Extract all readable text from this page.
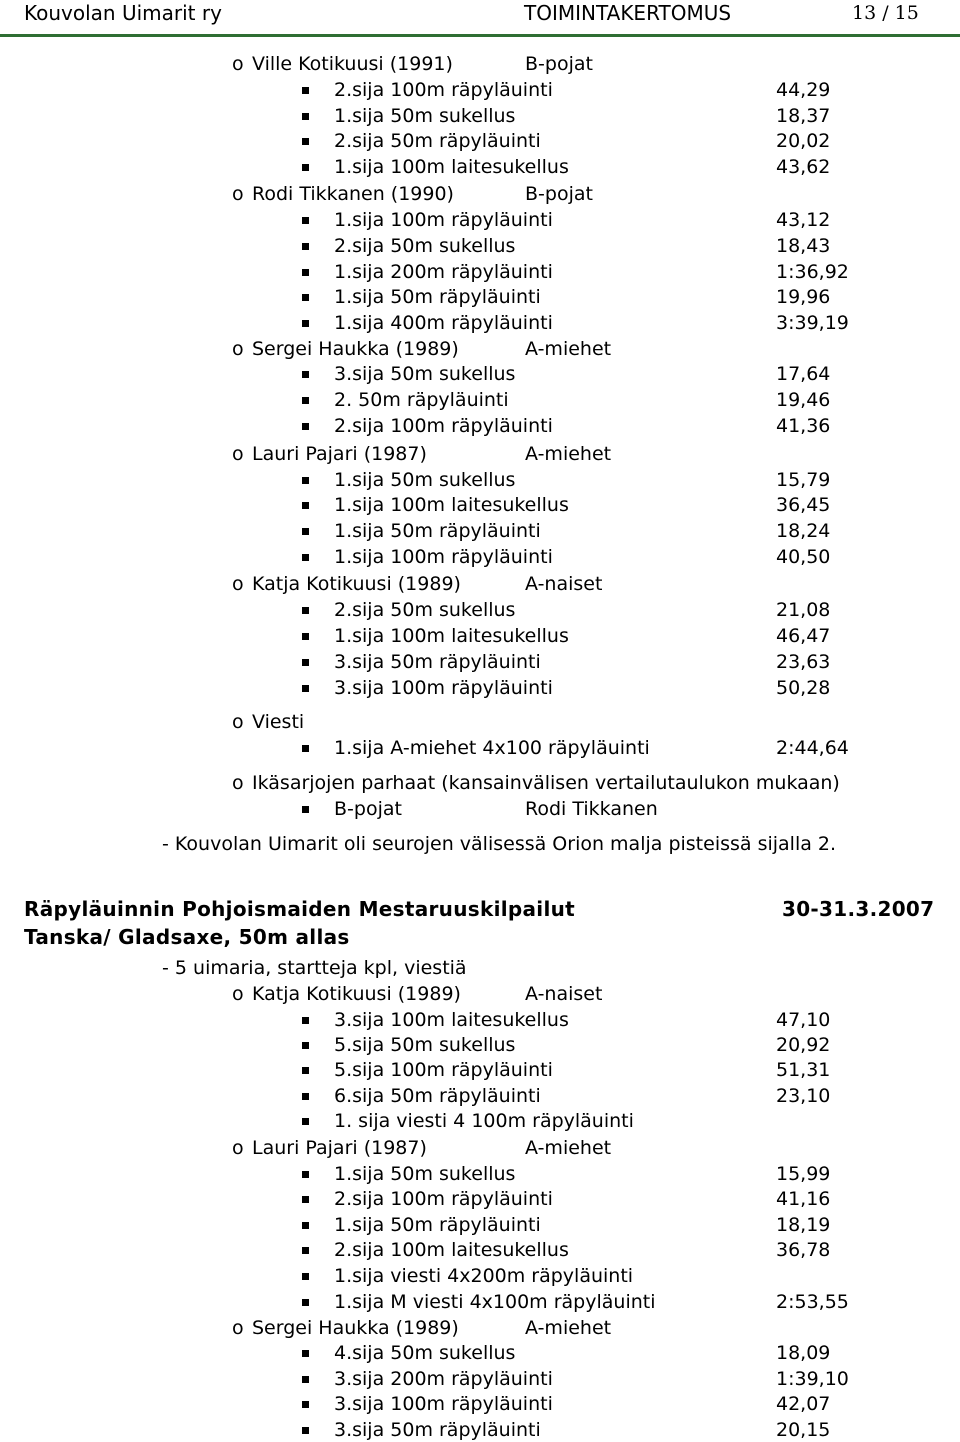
Kouvolan Uimarit ry	TOIMINTAKERTOMUS	13 / 15
o Ville Kotikuusi (1991)	B-pojat
2.sija 100m räpyläuinti	44,29
1.sija 50m sukellus	18,37
2.sija 50m räpyläuinti	20,02
1.sija 100m laitesukellus	43,62
o Rodi Tikkanen (1990)	B-pojat
1.sija 100m räpyläuinti	43,12
2.sija 50m sukellus	18,43
1.sija 200m räpyläuinti	1:36,92
1.sija 50m räpyläuinti	19,96
1.sija 400m räpyläuinti	3:39,19
o Sergei Haukka (1989)	A-miehet
3.sija 50m sukellus	17,64
2. 50m räpyläuinti	19,46
2.sija 100m räpyläuinti	41,36
o Lauri Pajari (1987)	A-miehet
1.sija 50m sukellus	15,79
1.sija 100m laitesukellus	36,45
1.sija 50m räpyläuinti	18,24
1.sija 100m räpyläuinti	40,50
o Katja Kotikuusi (1989)	A-naiset
2.sija 50m sukellus	21,08
1.sija 100m laitesukellus	46,47
3.sija 50m räpyläuinti	23,63
3.sija 100m räpyläuinti	50,28
o Viesti
1.sija A-miehet 4x100 räpyläuinti	2:44,64
o Ikäsarjojen parhaat (kansainvälisen vertailutaulukon mukaan)
B-pojat	Rodi Tikkanen
- Kouvolan Uimarit oli seurojen välisessä Orion malja pisteissä sijalla 2.
Räpyläuinnin Pohjoismaiden Mestaruuskilpailut	30-31.3.2007
Tanska/ Gladsaxe, 50m allas
- 5 uimaria, startteja kpl, viestiä
o Katja Kotikuusi (1989)	A-naiset
3.sija 100m laitesukellus	47,10
5.sija 50m sukellus	20,92
5.sija 100m räpyläuinti	51,31
6.sija 50m räpyläuinti	23,10
1. sija viesti 4 100m räpyläuinti
o Lauri Pajari (1987)	A-miehet
1.sija 50m sukellus	15,99
2.sija 100m räpyläuinti	41,16
1.sija 50m räpyläuinti	18,19
2.sija 100m laitesukellus	36,78
1.sija viesti 4x200m räpyläuinti
1.sija M viesti 4x100m räpyläuinti	2:53,55
o Sergei Haukka (1989)	A-miehet
4.sija 50m sukellus	18,09
3.sija 200m räpyläuinti	1:39,10
3.sija 100m räpyläuinti	42,07
3.sija 50m räpyläuinti	20,15
